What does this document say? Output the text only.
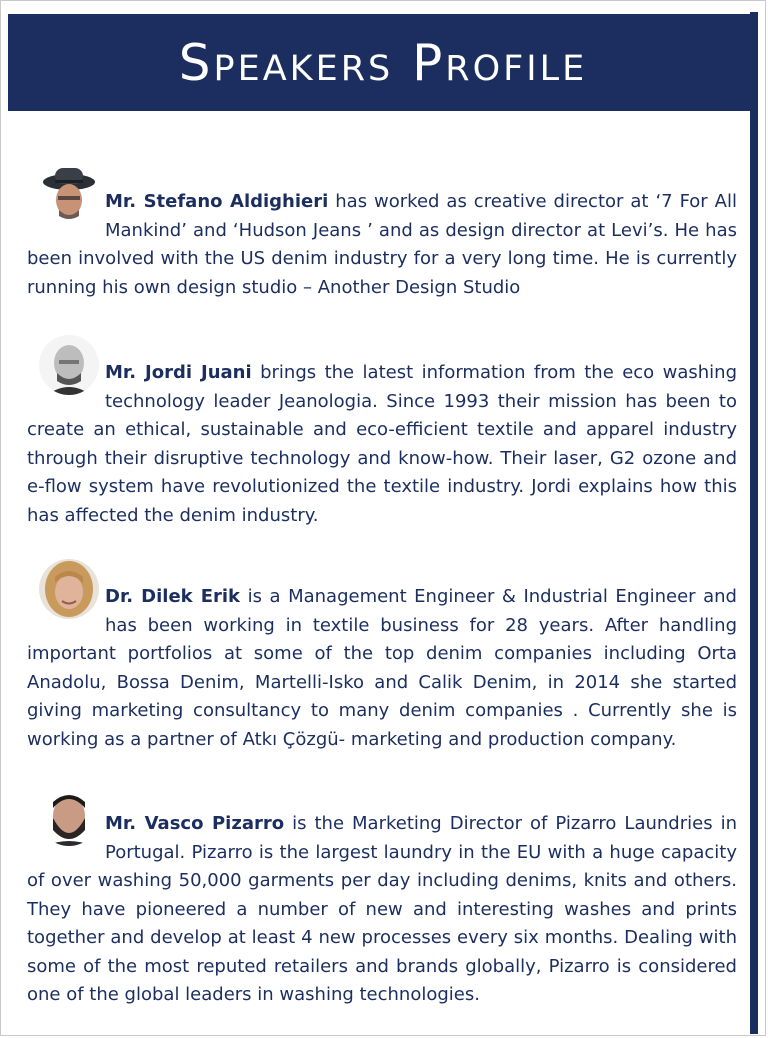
Speakers Profile
Mr. Stefano Aldighieri has worked as creative director at ‘7 For All Mankind’ and ‘Hudson Jeans ’ and as design director at Levi’s. He has been involved with the US denim industry for a very long time. He is currently running his own design studio – Another Design Studio
Mr. Jordi Juani brings the latest information from the eco washing technology leader Jeanologia. Since 1993 their mission has been to create an ethical, sustainable and eco-efficient textile and apparel industry through their disruptive technology and know-how. Their laser, G2 ozone and e-flow system have revolutionized the textile industry. Jordi explains how this has affected the denim industry.
Dr. Dilek Erik is a Management Engineer & Industrial Engineer and has been working in textile business for 28 years. After handling important portfolios at some of the top denim companies including Orta Anadolu, Bossa Denim, Martelli-Isko and Calik Denim, in 2014 she started giving marketing consultancy to many denim companies . Currently she is working as a partner of Atkı Çözgü- marketing and production company.
Mr. Vasco Pizarro is the Marketing Director of Pizarro Laundries in Portugal. Pizarro is the largest laundry in the EU with a huge capacity of over washing 50,000 garments per day including denims, knits and others. They have pioneered a number of new and interesting washes and prints together and develop at least 4 new processes every six months. Dealing with some of the most reputed retailers and brands globally, Pizarro is considered one of the global leaders in washing technologies.
